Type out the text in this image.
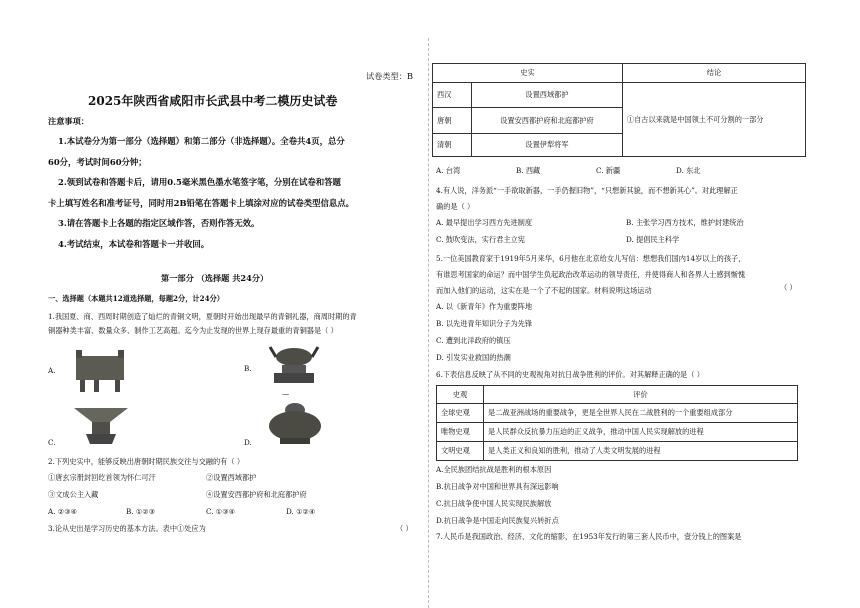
试卷类型：B
2025年陕西省咸阳市长武县中考二模历史试卷
注意事项：
1.本试卷分为第一部分（选择题）和第二部分（非选择题）。全卷共4页，总分
60分，考试时间60分钟；
2.领到试卷和答题卡后，请用0.5毫米黑色墨水笔签字笔，分别在试卷和答题
卡上填写姓名和准考证号，同时用2B铅笔在答题卡上填涂对应的试卷类型信息点。
3.请在答题卡上各题的指定区域作答，否则作答无效。
4.考试结束，本试卷和答题卡一并收回。
第一部分 （选择题 共24分）
一、选择题（本题共12道选择题，每题2分，计24分）
1.我国夏、商、西周时期创造了灿烂的青铜文明，夏朝时开始出现最早的青铜礼器，商周时期的青
铜器种类丰富、数量众多、制作工艺高超。迄今为止发现的世界上现存最重的青铜器是（ ）
A.	B.
—
C.	D.
2.下列史实中，能够反映出唐朝时期民族交往与交融的有（ ）
①唐玄宗册封回纥首领为怀仁可汗	②设置西域都护
③文成公主入藏	④设置安西都护府和北庭都护府
A. ②③④	B. ①②③	C. ①③④	D. ①②④
3.论从史出是学习历史的基本方法。表中①处应为	（ ）
史实		结论
西汉	设置西域都护	①自古以来就是中国领土不可分割的一部分
唐朝	设置安西都护府和北庭都护府	
清朝	设置伊犁将军	
A. 台湾	B. 西藏	C. 新疆	D. 东北
4.有人说，洋务派“一手欲取新器，一手仍握旧物”，“只想新其貌，而不想新其心”。对此理解正
确的是（ ）
A. 最早提出学习西方先进制度	B. 主张学习西方技术，维护封建统治
C. 鼓吹变法，实行君主立宪	D. 提倡民主科学
5.一位美国教育家于1919年5月来华，6月他在北京给女儿写信：想想我们国内14岁以上的孩子，
有谁思考国家的命运？而中国学生负起政治改革运动的领导责任，并使得商人和各界人士感到惭愧
而加入他们的运动，这实在是一个了不起的国家。材料说明这场运动	（ ）
A. 以《新青年》作为重要阵地
B. 以先进青年知识分子为先锋
C. 遭到北洋政府的镇压
D. 引发实业救国的热潮
6.下表信息反映了从不同的史观视角对抗日战争胜利的评价。对其解释正确的是（ ）
史观	评价
全球史观	是二战亚洲战场的重要战争，更是全世界人民在二战胜利的一个重要组成部分
唯物史观	是人民群众反抗暴力压迫的正义战争，推动中国人民实现解放的进程
文明史观	是人类正义和良知的胜利，推动了人类文明发展的进程
A.全民族团结抗战是胜利的根本原因
B.抗日战争对中国和世界具有深远影响
C.抗日战争使中国人民实现民族解放
D.抗日战争是中国走向民族复兴转折点
7.人民币是我国政治、经济、文化的缩影，在1953年发行的第三套人民币中，壹分钱上的图案是
